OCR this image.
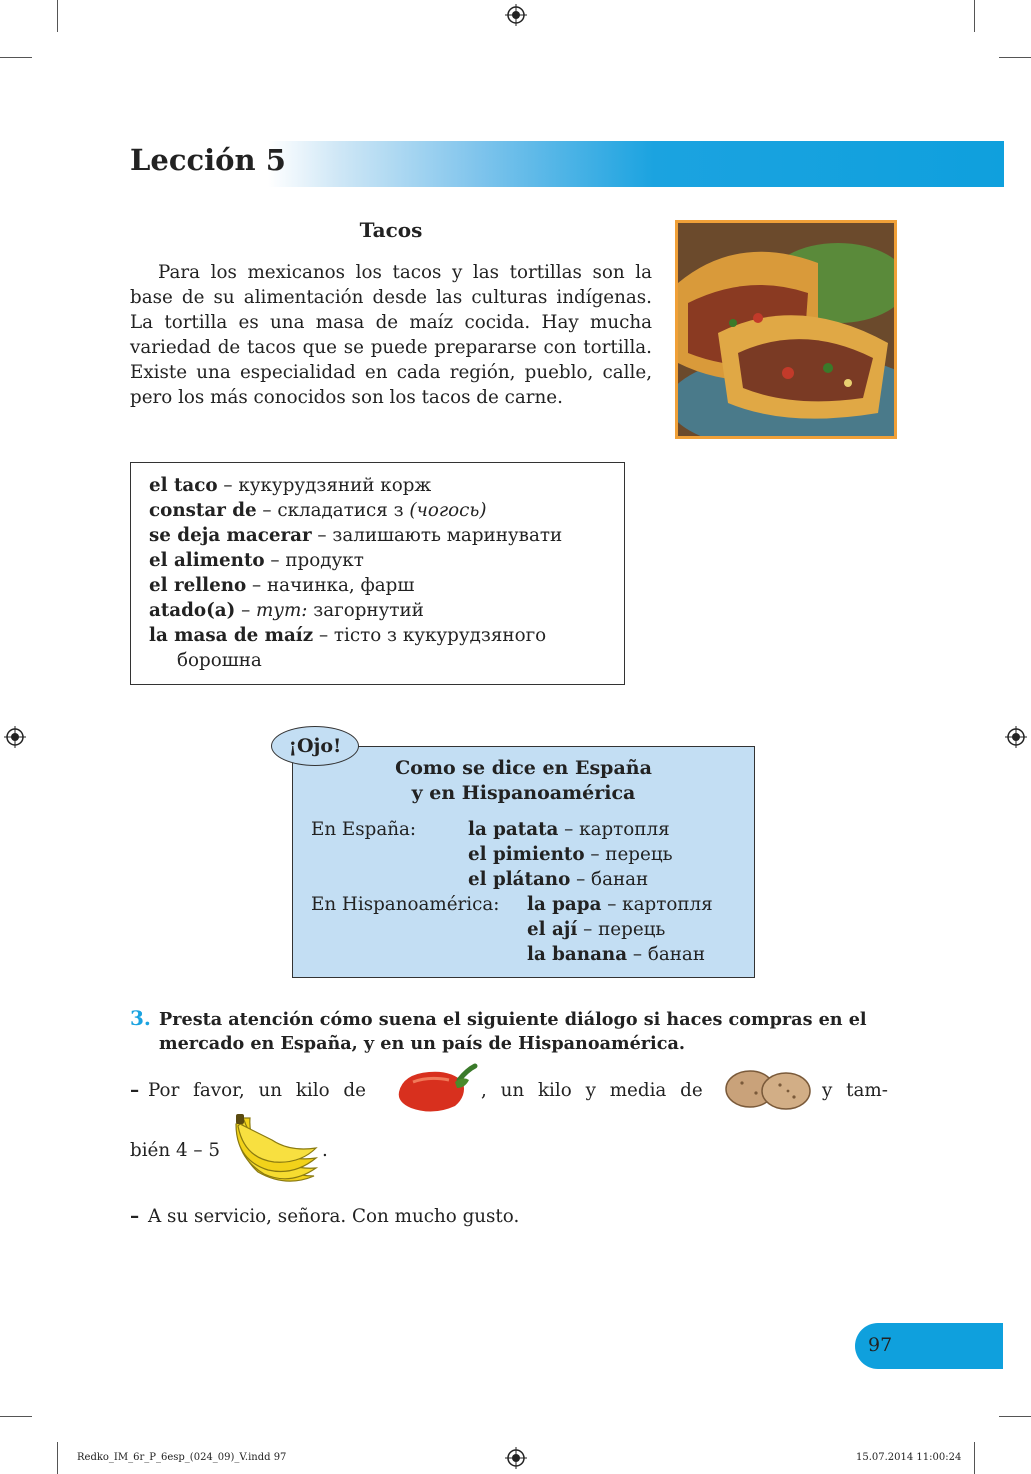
Lección 5
Tacos
Para los mexicanos los tacos y las tortillas son la base de su alimentación desde las culturas indígenas. La tortilla es una masa de maíz cocida. Hay mucha variedad de tacos que se puede prepararse con tortilla. Existe una especialidad en cada región, pueblo, calle, pero los más conocidos son los tacos de carne.
el taco – кукурудзяний корж
constar de – складатися з (чогось)
se deja macerar – залишають маринувати
el alimento – продукт
el relleno – начинка, фарш
atado(a) – тут: загорнутий
la masa de maíz – тісто з кукурудзяного
борошна
¡Ojo!
Como se dice en España
y en Hispanoamérica
En España:	la patata – картопля
el pimiento – перець
el plátano – банан
En Hispanoamérica: la papa – картопля
el ají – перець
la banana – банан
3. Presta atención cómo suena el siguiente diálogo si haces compras en el mercado en España, y en un país de Hispanoamérica.
– Por favor, un kilo de	, un kilo y media de	y tam-
bién 4 – 5	.
– A su servicio, señora. Con mucho gusto.
97
Redko_IM_6r_P_6esp_(024_09)_V.indd 97	15.07.2014 11:00:24
